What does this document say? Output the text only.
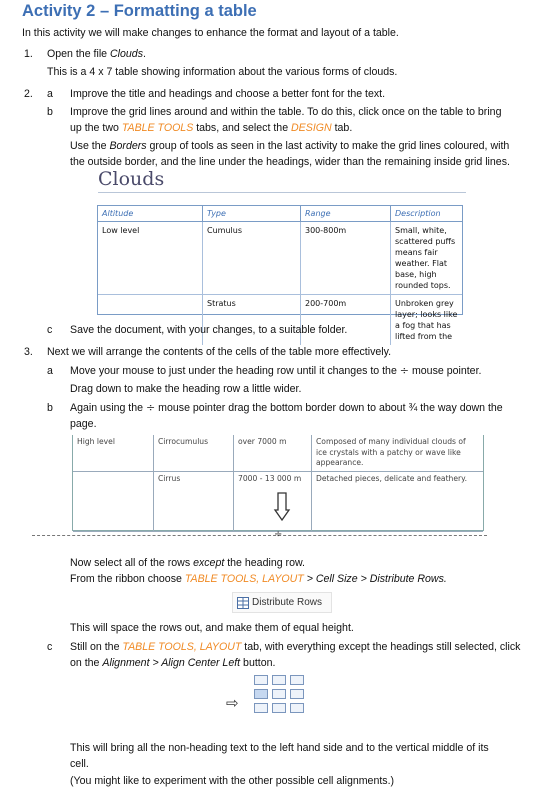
Activity 2 – Formatting a table

In this activity we will make changes to enhance the format and layout of a table.

1. Open the file Clouds.

This is a 4 x 7 table showing information about the various forms of clouds.

2. a Improve the title and headings and choose a better font for the text.

b Improve the grid lines around and within the table. To do this, click once on the table to bring

up the two TABLE TOOLS tabs, and select the DESIGN tab.

Use the Borders group of tools as seen in the last activity to make the grid lines coloured, with

the outside border, and the line under the headings, wider than the remaining inside grid lines.

Clouds
Altitude	Type	Range	Description
Low level	Cumulus	300-800m	Small, white, scattered puffs means fair weather. Flat base, high rounded tops.
	Stratus	200-700m	Unbroken grey layer; looks like a fog that has lifted from the
c Save the document, with your changes, to a suitable folder.

3. Next we will arrange the contents of the cells of the table more effectively.

a Move your mouse to just under the heading row until it changes to the ÷ mouse pointer.

Drag down to make the heading row a little wider.

b Again using the ÷ mouse pointer drag the bottom border down to about ¾ the way down the

page.

High level	Cirrocumulus	over 7000 m	Composed of many individual clouds of ice crystals with a patchy or wave like appearance.
	Cirrus	7000 - 13 000 m	Detached pieces, delicate and feathery.
÷

Now select all of the rows except the heading row.

From the ribbon choose TABLE TOOLS, LAYOUT > Cell Size > Distribute Rows.

Distribute Rows

This will space the rows out, and make them of equal height.

c Still on the TABLE TOOLS, LAYOUT tab, with everything except the headings still selected, click

on the Alignment > Align Center Left button.

⇨

This will bring all the non-heading text to the left hand side and to the vertical middle of its

cell.

(You might like to experiment with the other possible cell alignments.)
